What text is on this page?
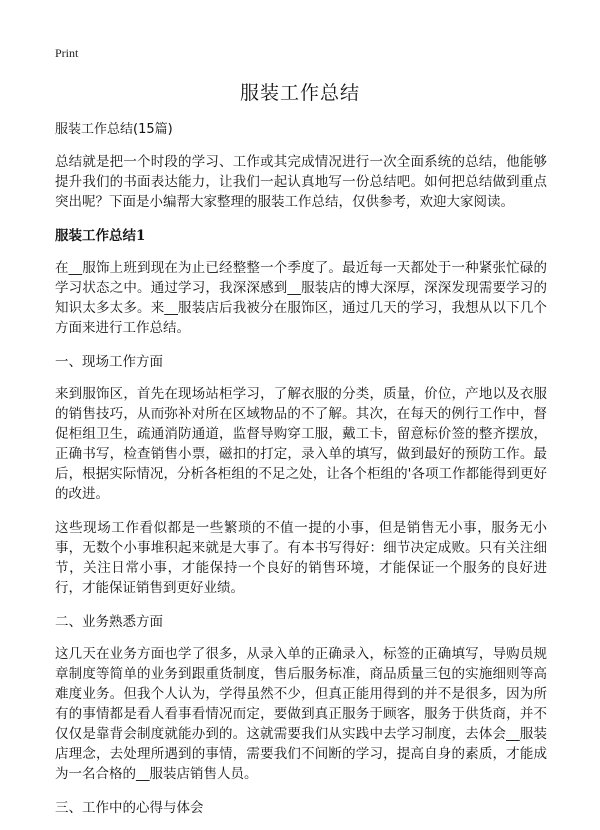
Print
服装工作总结

服装工作总结(15篇)

总结就是把一个时段的学习、工作或其完成情况进行一次全面系统的总结，他能够提升我们的书面表达能力，让我们一起认真地写一份总结吧。如何把总结做到重点突出呢？下面是小编帮大家整理的服装工作总结，仅供参考，欢迎大家阅读。

服装工作总结1

在__服饰上班到现在为止已经整整一个季度了。最近每一天都处于一种紧张忙碌的学习状态之中。通过学习，我深深感到__服装店的博大深厚，深深发现需要学习的知识太多太多。来__服装店后我被分在服饰区，通过几天的学习，我想从以下几个方面来进行工作总结。

一、现场工作方面

来到服饰区，首先在现场站柜学习，了解衣服的分类，质量，价位，产地以及衣服的销售技巧，从而弥补对所在区域物品的不了解。其次，在每天的例行工作中，督促柜组卫生，疏通消防通道，监督导购穿工服，戴工卡，留意标价签的整齐摆放，正确书写，检查销售小票，磁扣的打定，录入单的填写，做到最好的预防工作。最后，根据实际情况，分析各柜组的不足之处，让各个柜组的'各项工作都能得到更好的改进。

这些现场工作看似都是一些繁琐的不值一提的小事，但是销售无小事，服务无小事，无数个小事堆积起来就是大事了。有本书写得好：细节决定成败。只有关注细节，关注日常小事，才能保持一个良好的销售环境，才能保证一个服务的良好进行，才能保证销售到更好业绩。

二、业务熟悉方面

这几天在业务方面也学了很多，从录入单的正确录入，标签的正确填写，导购员规章制度等简单的业务到跟重货制度，售后服务标准，商品质量三包的实施细则等高难度业务。但我个人认为，学得虽然不少，但真正能用得到的并不是很多，因为所有的事情都是看人看事看情况而定，要做到真正服务于顾客，服务于供货商，并不仅仅是靠背会制度就能办到的。这就需要我们从实践中去学习制度，去体会__服装店理念，去处理所遇到的事情，需要我们不间断的学习，提高自身的素质，才能成为一名合格的__服装店销售人员。

三、工作中的心得与体会
